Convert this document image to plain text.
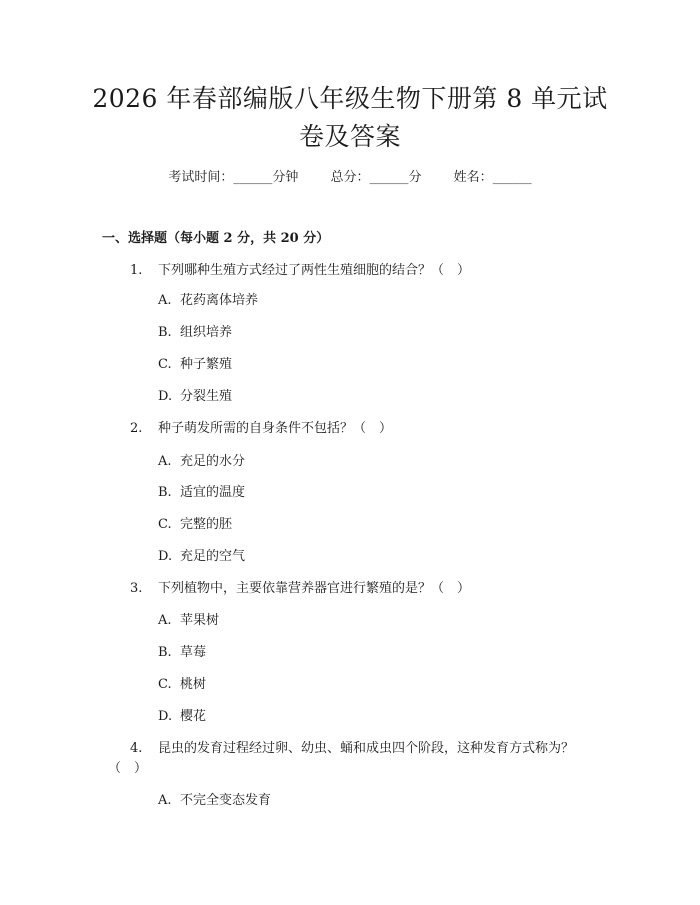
2026 年春部编版八年级生物下册第 8 单元试
卷及答案
考试时间：______分钟 总分：______分 姓名：______
一、选择题（每小题 2 分，共 20 分）
1. 下列哪种生殖方式经过了两性生殖细胞的结合？（　）
A. 花药离体培养
B. 组织培养
C. 种子繁殖
D. 分裂生殖
2. 种子萌发所需的自身条件不包括？（　）
A. 充足的水分
B. 适宜的温度
C. 完整的胚
D. 充足的空气
3. 下列植物中，主要依靠营养器官进行繁殖的是？（　）
A. 苹果树
B. 草莓
C. 桃树
D. 樱花
4. 昆虫的发育过程经过卵、幼虫、蛹和成虫四个阶段，这种发育方式称为？
（　）
A. 不完全变态发育
